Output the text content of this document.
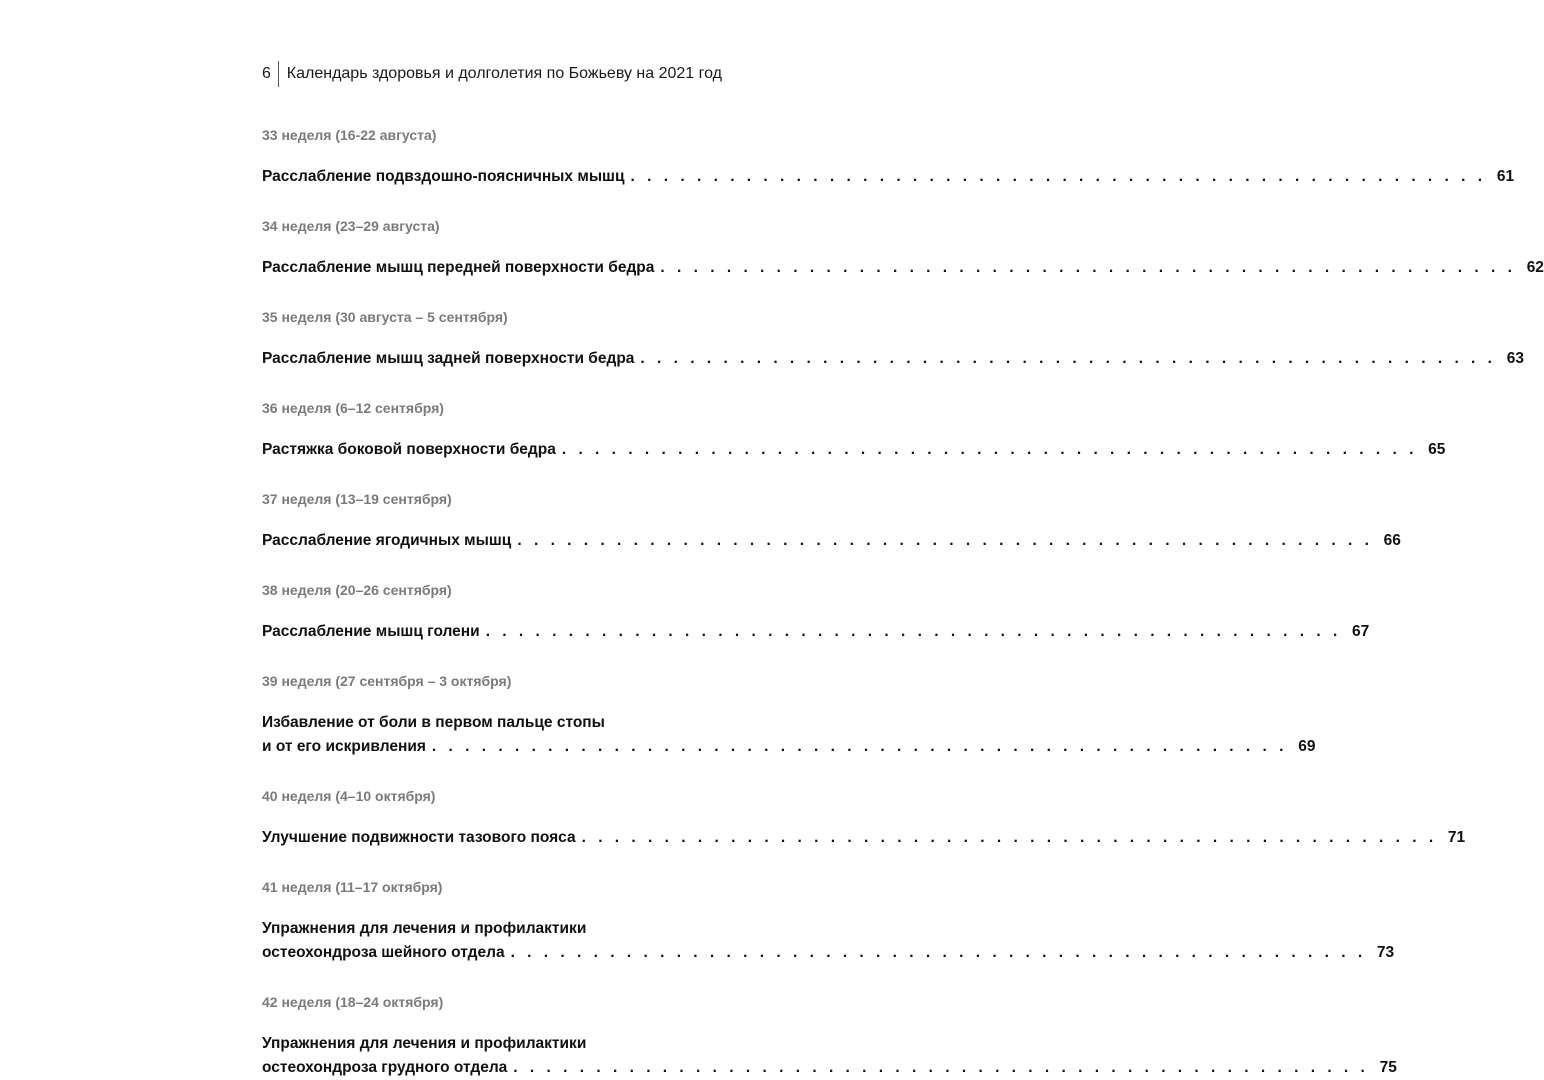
6 Календарь здоровья и долголетия по Божьеву на 2021 год
33 неделя (16-22 августа)
Расслабление подвздошно-поясничных мышц . . .	61
34 неделя (23–29 августа)
Расслабление мышц передней поверхности бедра . . .	62
35 неделя (30 августа – 5 сентября)
Расслабление мышц задней поверхности бедра . . .	63
36 неделя (6–12 сентября)
Растяжка боковой поверхности бедра . . .	65
37 неделя (13–19 сентября)
Расслабление ягодичных мышц . . .	66
38 неделя (20–26 сентября)
Расслабление мышц голени . . .	67
39 неделя (27 сентября – 3 октября)
Избавление от боли в первом пальце стопы
и от его искривления . . .	69
40 неделя (4–10 октября)
Улучшение подвижности тазового пояса . . .	71
41 неделя (11–17 октября)
Упражнения для лечения и профилактики
остеохондроза шейного отдела . . .	73
42 неделя (18–24 октября)
Упражнения для лечения и профилактики
остеохондроза грудного отдела . . .	75
